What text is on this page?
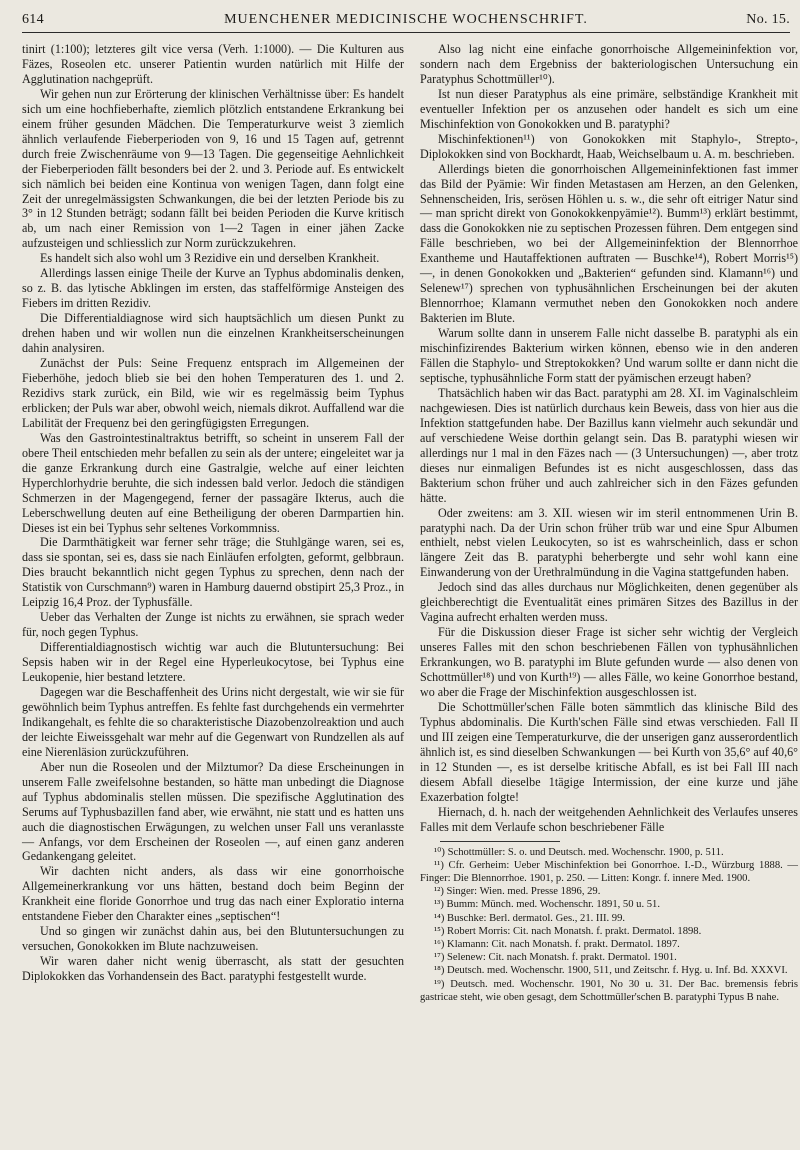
614	MUENCHENER MEDICINISCHE WOCHENSCHRIFT.	No. 15.

tinirt (1:100); letzteres gilt vice versa (Verh. 1:1000). — Die Kulturen aus Fäzes, Roseolen etc. unserer Patientin wurden natürlich mit Hilfe der Agglutination nachgeprüft.

Wir gehen nun zur Erörterung der klinischen Verhältnisse über: Es handelt sich um eine hochfieberhafte, ziemlich plötzlich entstandene Erkrankung bei einem früher gesunden Mädchen. Die Temperaturkurve weist 3 ziemlich ähnlich verlaufende Fieberperioden von 9, 16 und 15 Tagen auf, getrennt durch freie Zwischenräume von 9—13 Tagen. Die gegenseitige Aehnlichkeit der Fieberperioden fällt besonders bei der 2. und 3. Periode auf. Es entwickelt sich nämlich bei beiden eine Kontinua von wenigen Tagen, dann folgt eine Zeit der unregelmässigsten Schwankungen, die bei der letzten Periode bis zu 3° in 12 Stunden beträgt; sodann fällt bei beiden Perioden die Kurve kritisch ab, um nach einer Remission von 1—2 Tagen in einer jähen Zacke aufzusteigen und schliesslich zur Norm zurückzukehren.

Es handelt sich also wohl um 3 Rezidive ein und derselben Krankheit.

Allerdings lassen einige Theile der Kurve an Typhus abdominalis denken, so z. B. das lytische Abklingen im ersten, das staffelförmige Ansteigen des Fiebers im dritten Rezidiv.

Die Differentialdiagnose wird sich hauptsächlich um diesen Punkt zu drehen haben und wir wollen nun die einzelnen Krankheitserscheinungen dahin analysiren.

Zunächst der Puls: Seine Frequenz entsprach im Allgemeinen der Fieberhöhe, jedoch blieb sie bei den hohen Temperaturen des 1. und 2. Rezidivs stark zurück, ein Bild, wie wir es regelmässig beim Typhus erblicken; der Puls war aber, obwohl weich, niemals dikrot. Auffallend war die Labilität der Frequenz bei den geringfügigsten Erregungen.

Was den Gastrointestinaltraktus betrifft, so scheint in unserem Fall der obere Theil entschieden mehr befallen zu sein als der untere; eingeleitet war ja die ganze Erkrankung durch eine Gastralgie, welche auf einer leichten Hyperchlorhydrie beruhte, die sich indessen bald verlor. Jedoch die ständigen Schmerzen in der Magengegend, ferner der passagäre Ikterus, auch die Leberschwellung deuten auf eine Betheiligung der oberen Darmpartien hin. Dieses ist ein bei Typhus sehr seltenes Vorkommniss.

Die Darmthätigkeit war ferner sehr träge; die Stuhlgänge waren, sei es, dass sie spontan, sei es, dass sie nach Einläufen erfolgten, geformt, gelbbraun. Dies braucht bekanntlich nicht gegen Typhus zu sprechen, denn nach der Statistik von Curschmann⁹) waren in Hamburg dauernd obstipirt 25,3 Proz., in Leipzig 16,4 Proz. der Typhusfälle.

Ueber das Verhalten der Zunge ist nichts zu erwähnen, sie sprach weder für, noch gegen Typhus.

Differentialdiagnostisch wichtig war auch die Blutuntersuchung: Bei Sepsis haben wir in der Regel eine Hyperleukocytose, bei Typhus eine Leukopenie, hier bestand letztere.

Dagegen war die Beschaffenheit des Urins nicht dergestalt, wie wir sie für gewöhnlich beim Typhus antreffen. Es fehlte fast durchgehends ein vermehrter Indikangehalt, es fehlte die so charakteristische Diazobenzolreaktion und auch der leichte Eiweissgehalt war mehr auf die Gegenwart von Rundzellen als auf eine Nierenläsion zurückzuführen.

Aber nun die Roseolen und der Milztumor? Da diese Erscheinungen in unserem Falle zweifelsohne bestanden, so hätte man unbedingt die Diagnose auf Typhus abdominalis stellen müssen. Die spezifische Agglutination des Serums auf Typhusbazillen fand aber, wie erwähnt, nie statt und es hatten uns auch die diagnostischen Erwägungen, zu welchen unser Fall uns veranlasste — Anfangs, vor dem Erscheinen der Roseolen —, auf einen ganz anderen Gedankengang geleitet.

Wir dachten nicht anders, als dass wir eine gonorrhoische Allgemeinerkrankung vor uns hätten, bestand doch beim Beginn der Krankheit eine floride Gonorrhoe und trug das nach einer Exploratio interna entstandene Fieber den Charakter eines „septischen“!

Und so gingen wir zunächst dahin aus, bei den Blutuntersuchungen zu versuchen, Gonokokken im Blute nachzuweisen.

Wir waren daher nicht wenig überrascht, als statt der gesuchten Diplokokken das Vorhandensein des Bact. paratyphi festgestellt wurde.

Also lag nicht eine einfache gonorrhoische Allgemeininfektion vor, sondern nach dem Ergebniss der bakteriologischen Untersuchung ein Paratyphus Schottmüller¹⁰).

Ist nun dieser Paratyphus als eine primäre, selbständige Krankheit mit eventueller Infektion per os anzusehen oder handelt es sich um eine Mischinfektion von Gonokokken und B. paratyphi?

Mischinfektionen¹¹) von Gonokokken mit Staphylo-, Strepto-, Diplokokken sind von Bockhardt, Haab, Weichselbaum u. A. m. beschrieben.

Allerdings bieten die gonorrhoischen Allgemeininfektionen fast immer das Bild der Pyämie: Wir finden Metastasen am Herzen, an den Gelenken, Sehnenscheiden, Iris, serösen Höhlen u. s. w., die sehr oft eitriger Natur sind — man spricht direkt von Gonokokkenpyämie¹²). Bumm¹³) erklärt bestimmt, dass die Gonokokken nie zu septischen Prozessen führen. Dem entgegen sind Fälle beschrieben, wo bei der Allgemeininfektion der Blennorrhoe Exantheme und Hautaffektionen auftraten — Buschke¹⁴), Robert Morris¹⁵) —, in denen Gonokokken und „Bakterien“ gefunden sind. Klamann¹⁶) und Selenew¹⁷) sprechen von typhusähnlichen Erscheinungen bei der akuten Blennorrhoe; Klamann vermuthet neben den Gonokokken noch andere Bakterien im Blute.

Warum sollte dann in unserem Falle nicht dasselbe B. paratyphi als ein mischinfizirendes Bakterium wirken können, ebenso wie in den anderen Fällen die Staphylo- und Streptokokken? Und warum sollte er dann nicht die septische, typhusähnliche Form statt der pyämischen erzeugt haben?

Thatsächlich haben wir das Bact. paratyphi am 28. XI. im Vaginalschleim nachgewiesen. Dies ist natürlich durchaus kein Beweis, dass von hier aus die Infektion stattgefunden habe. Der Bazillus kann vielmehr auch sekundär und auf verschiedene Weise dorthin gelangt sein. Das B. paratyphi wiesen wir allerdings nur 1 mal in den Fäzes nach — (3 Untersuchungen) —, aber trotz dieses nur einmaligen Befundes ist es nicht ausgeschlossen, dass das Bakterium schon früher und auch zahlreicher sich in den Fäzes gefunden hätte.

Oder zweitens: am 3. XII. wiesen wir im steril entnommenen Urin B. paratyphi nach. Da der Urin schon früher trüb war und eine Spur Albumen enthielt, nebst vielen Leukocyten, so ist es wahrscheinlich, dass er schon längere Zeit das B. paratyphi beherbergte und sehr wohl kann eine Einwanderung von der Urethralmündung in die Vagina stattgefunden haben.

Jedoch sind das alles durchaus nur Möglichkeiten, denen gegenüber als gleichberechtigt die Eventualität eines primären Sitzes des Bazillus in der Vagina aufrecht erhalten werden muss.

Für die Diskussion dieser Frage ist sicher sehr wichtig der Vergleich unseres Falles mit den schon beschriebenen Fällen von typhusähnlichen Erkrankungen, wo B. paratyphi im Blute gefunden wurde — also denen von Schottmüller¹⁸) und von Kurth¹⁹) — alles Fälle, wo keine Gonorrhoe bestand, wo aber die Frage der Mischinfektion ausgeschlossen ist.

Die Schottmüller'schen Fälle boten sämmtlich das klinische Bild des Typhus abdominalis. Die Kurth'schen Fälle sind etwas verschieden. Fall II und III zeigen eine Temperaturkurve, die der unserigen ganz ausserordentlich ähnlich ist, es sind dieselben Schwankungen — bei Kurth von 35,6° auf 40,6° in 12 Stunden —, es ist derselbe kritische Abfall, es ist bei Fall III nach diesem Abfall dieselbe 1tägige Intermission, der eine kurze und jähe Exazerbation folgte!

Hiernach, d. h. nach der weitgehenden Aehnlichkeit des Verlaufes unseres Falles mit dem Verlaufe schon beschriebener Fälle

¹⁰) Schottmüller: S. o. und Deutsch. med. Wochenschr. 1900, p. 511.

¹¹) Cfr. Gerheim: Ueber Mischinfektion bei Gonorrhoe. I.-D., Würzburg 1888. — Finger: Die Blennorrhoe. 1901, p. 250. — Litten: Kongr. f. innere Med. 1900.

¹²) Singer: Wien. med. Presse 1896, 29.

¹³) Bumm: Münch. med. Wochenschr. 1891, 50 u. 51.

¹⁴) Buschke: Berl. dermatol. Ges., 21. III. 99.

¹⁵) Robert Morris: Cit. nach Monatsh. f. prakt. Dermatol. 1898.

¹⁶) Klamann: Cit. nach Monatsh. f. prakt. Dermatol. 1897.

¹⁷) Selenew: Cit. nach Monatsh. f. prakt. Dermatol. 1901.

¹⁸) Deutsch. med. Wochenschr. 1900, 511, und Zeitschr. f. Hyg. u. Inf. Bd. XXXVI.

¹⁹) Deutsch. med. Wochenschr. 1901, No 30 u. 31. Der Bac. bremensis febris gastricae steht, wie oben gesagt, dem Schottmüller'schen B. paratyphi Typus B nahe.
